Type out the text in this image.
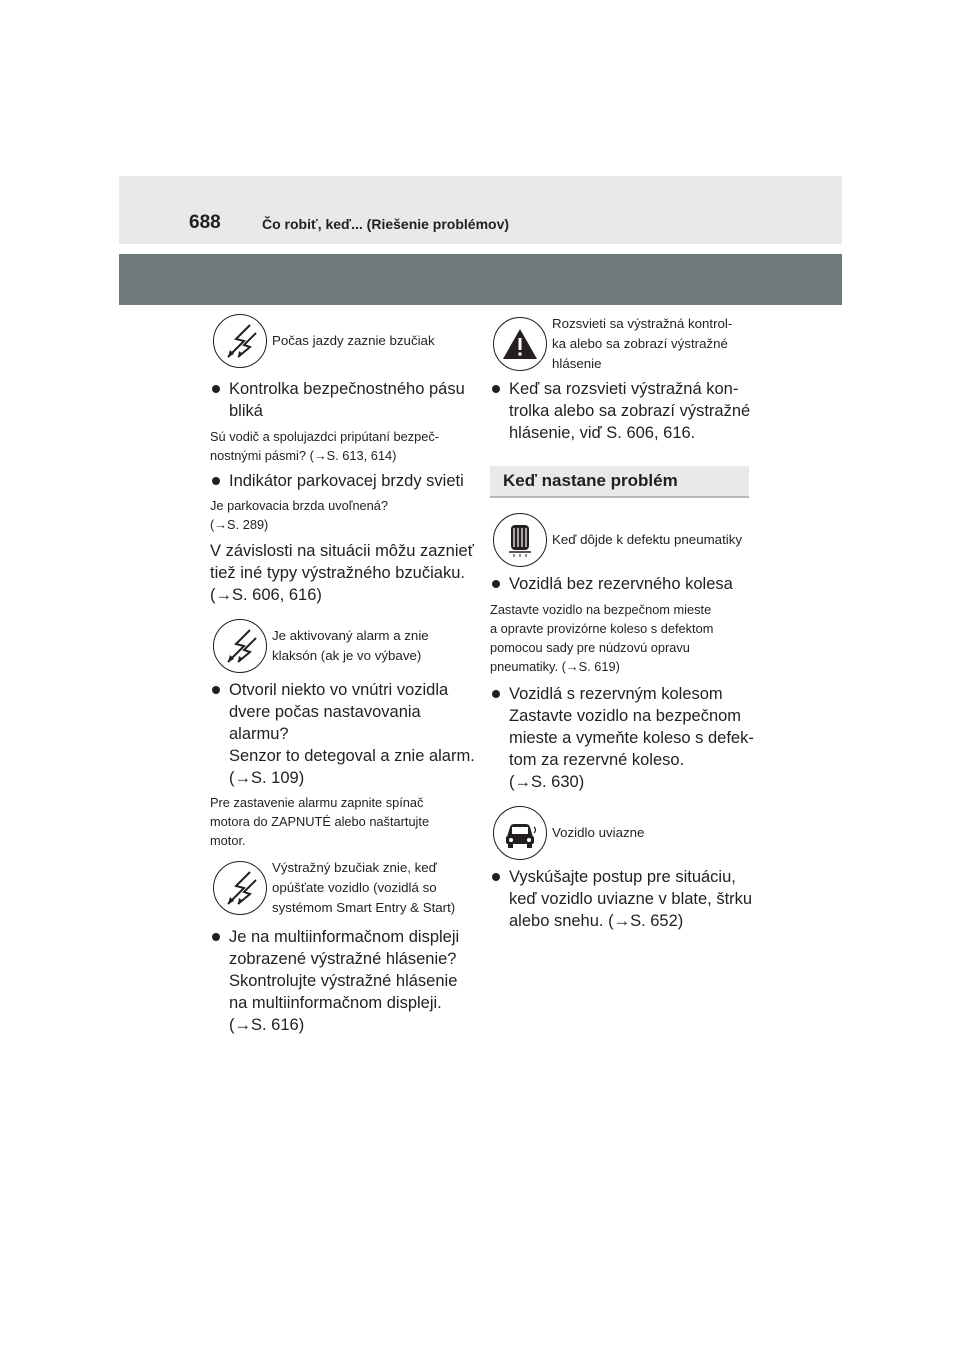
688	Čo robiť, keď... (Riešenie problémov)
Počas jazdy zaznie bzučiak
Kontrolka bezpečnostného pásu
bliká
Sú vodič a spolujazdci pripútaní bezpeč-
nostnými pásmi? (→S. 613, 614)
Indikátor parkovacej brzdy svieti
Je parkovacia brzda uvoľnená?
(→S. 289)
V závislosti na situácii môžu zaznieť
tiež iné typy výstražného bzučiaku.
(→S. 606, 616)
Je aktivovaný alarm a znie
klaksón (ak je vo výbave)
Otvoril niekto vo vnútri vozidla
dvere počas nastavovania
alarmu?
Senzor to detegoval a znie alarm.
(→S. 109)
Pre zastavenie alarmu zapnite spínač
motora do ZAPNUTÉ alebo naštartujte
motor.
Výstražný bzučiak znie, keď
opúšťate vozidlo (vozidlá so
systémom Smart Entry & Start)
Je na multiinformačnom displeji
zobrazené výstražné hlásenie?
Skontrolujte výstražné hlásenie
na multiinformačnom displeji.
(→S. 616)
Rozsvieti sa výstražná kontrol-
ka alebo sa zobrazí výstražné
hlásenie
Keď sa rozsvieti výstražná kon-
trolka alebo sa zobrazí výstražné
hlásenie, viď S. 606, 616.
Keď nastane problém
Keď dôjde k defektu pneumatiky
Vozidlá bez rezervného kolesa
Zastavte vozidlo na bezpečnom mieste
a opravte provizórne koleso s defektom
pomocou sady pre núdzovú opravu
pneumatiky. (→S. 619)
Vozidlá s rezervným kolesom
Zastavte vozidlo na bezpečnom
mieste a vymeňte koleso s defek-
tom za rezervné koleso.
(→S. 630)
Vozidlo uviazne
Vyskúšajte postup pre situáciu,
keď vozidlo uviazne v blate, štrku
alebo snehu. (→S. 652)
